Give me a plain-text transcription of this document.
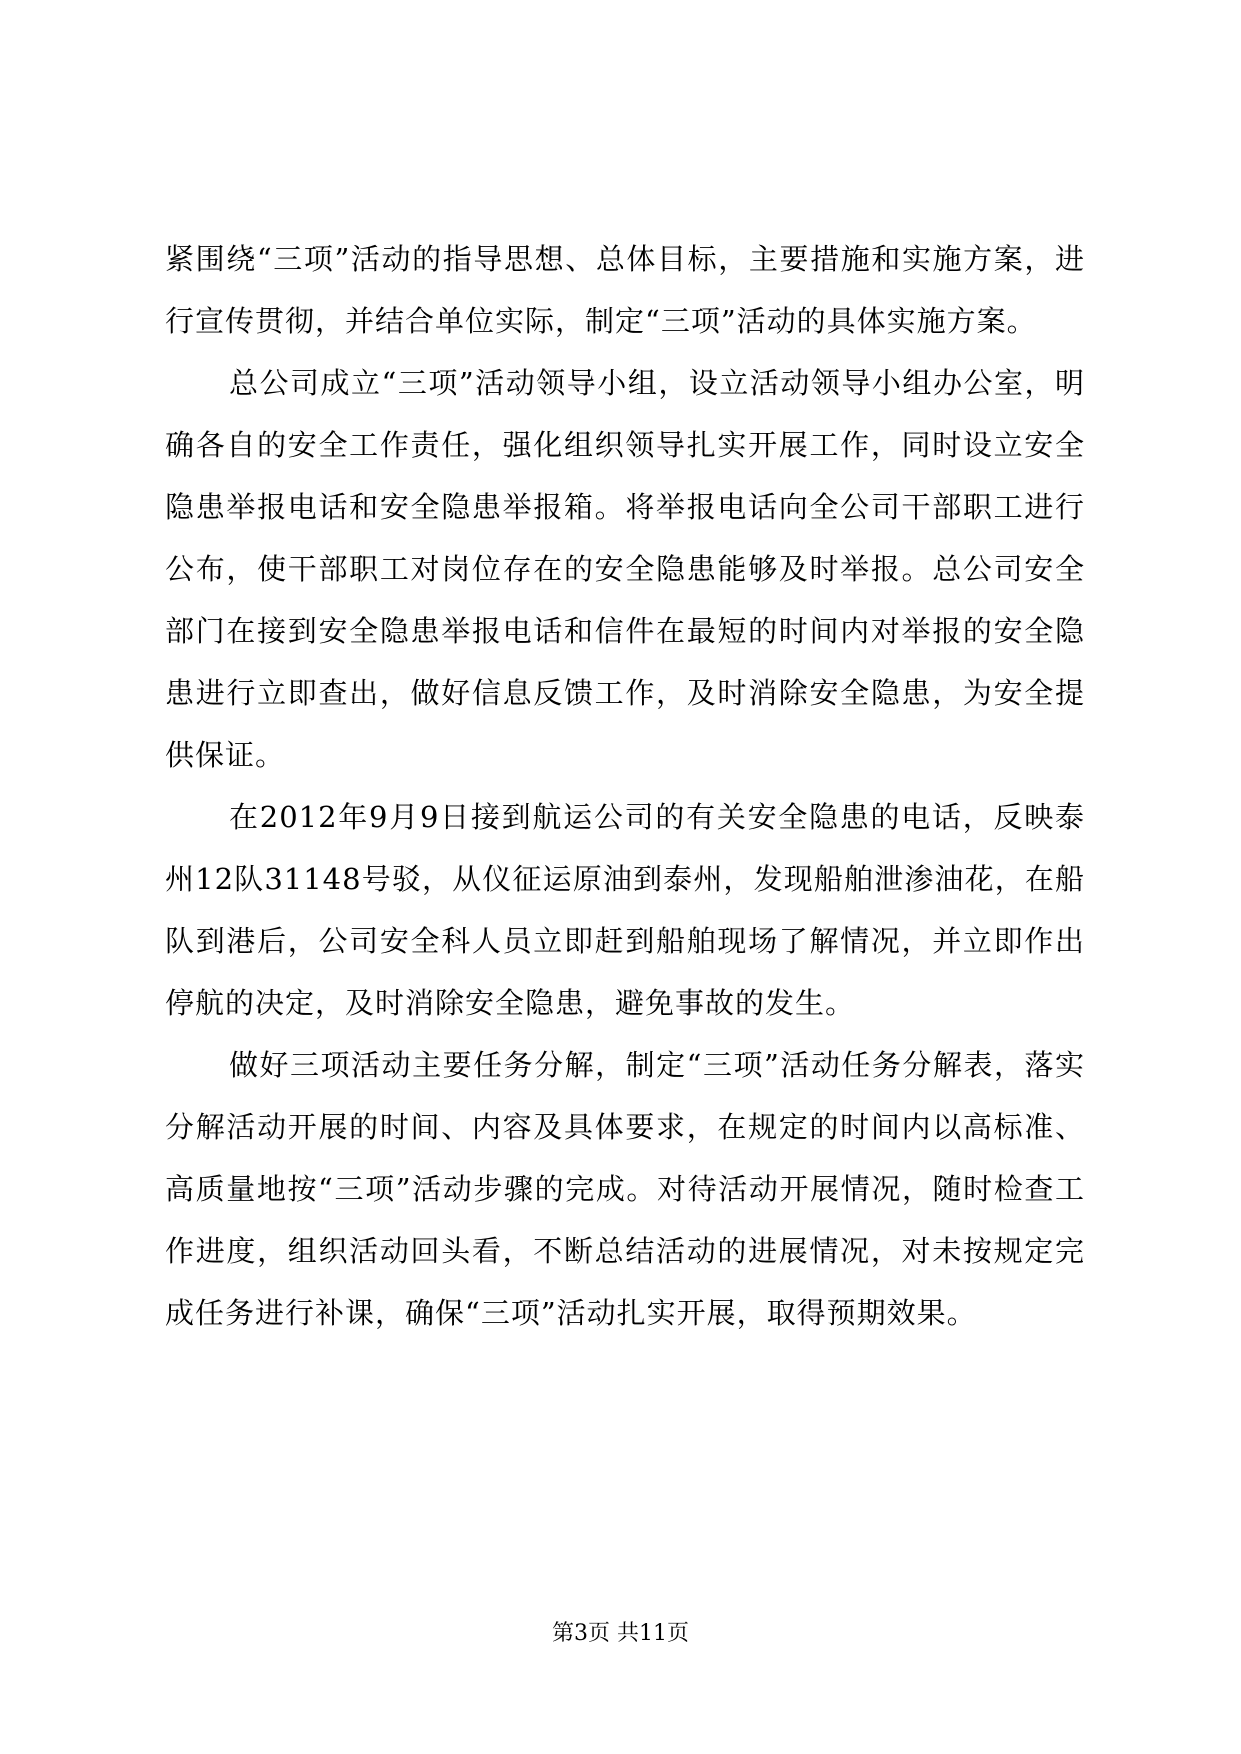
紧围绕“三项”活动的指导思想、总体目标，主要措施和实施方案，进行宣传贯彻，并结合单位实际，制定“三项”活动的具体实施方案。

总公司成立“三项”活动领导小组，设立活动领导小组办公室，明确各自的安全工作责任，强化组织领导扎实开展工作，同时设立安全隐患举报电话和安全隐患举报箱。将举报电话向全公司干部职工进行公布，使干部职工对岗位存在的安全隐患能够及时举报。总公司安全部门在接到安全隐患举报电话和信件在最短的时间内对举报的安全隐患进行立即查出，做好信息反馈工作，及时消除安全隐患，为安全提供保证。

在2012年9月9日接到航运公司的有关安全隐患的电话，反映泰州12队31148号驳，从仪征运原油到泰州，发现船舶泄渗油花，在船队到港后，公司安全科人员立即赶到船舶现场了解情况，并立即作出停航的决定，及时消除安全隐患，避免事故的发生。

做好三项活动主要任务分解，制定“三项”活动任务分解表，落实分解活动开展的时间、内容及具体要求，在规定的时间内以高标准、高质量地按“三项”活动步骤的完成。对待活动开展情况，随时检查工作进度，组织活动回头看，不断总结活动的进展情况，对未按规定完成任务进行补课，确保“三项”活动扎实开展，取得预期效果。

第3页 共11页
